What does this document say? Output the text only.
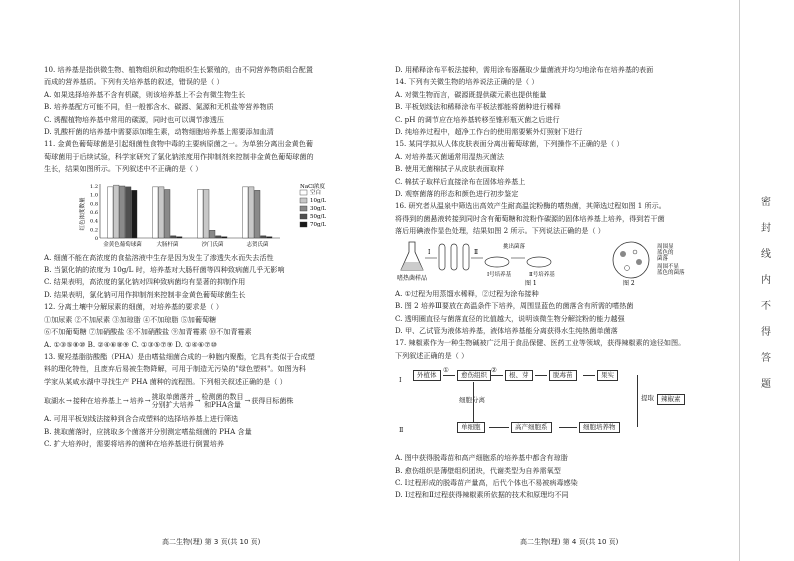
10. 培养基是指供微生物、植物组织和动物组织生长繁殖的，由不同营养物质组合配置

而成的营养基质。下列有关培养基的叙述，错误的是（ ）

A. 如果选择培养基不含有机碳，则该培养基上不会有微生物生长

B. 培养基配方可能不同，但一般都含水、碳源、氮源和无机盐等营养物质

C. 诱醒植物培养基中常用的碳源，同时也可以调节渗透压

D. 乳酸杆菌的培养基中需要添加维生素，动物细胞培养基上需要添加血清

11. 金黄色葡萄球菌是引起细菌性食物中毒的主要病原菌之一。为单独分离出金黄色葡

萄球菌用于后续试验，科学家研究了氯化钠浓度用作抑制剂来控制非金黄色葡萄球菌的

生长，结果如图所示。下列叙述中不正确的是（ ）

红色浓度数量
0
0.2
0.4
0.6
0.8
1.0
1.2
金黄色葡萄球菌	大肠杆菌	沙门氏菌	志贺氏菌
NaCl浓度
空白
10g/L
30g/L
50g/L
70g/L

A. 细菌不能在高浓度的食盐溶液中生存是因为发生了渗透失水而失去活性

B. 当氯化钠的浓度为 10g/L 时，培养基对大肠杆菌等四种致病菌几乎无影响

C. 结果表明，高浓度的氯化钠对四种致病菌均有显著的抑制作用

D. 结果表明，氯化钠可用作抑制剂来控制非金黄色葡萄球菌生长

12. 分离土壤中分解尿素的细菌，对培养基的要求是（ ）

①加尿素 ②不加尿素 ③加琼脂 ④不加琼脂 ⑤加葡萄糖

⑥不加葡萄糖 ⑦加硝酸盐 ⑧不加硝酸盐 ⑨加青霉素 ⑩不加青霉素

A. ①③⑤⑧⑩ B. ②④⑥⑧⑨ C. ①③⑤⑦⑨ D. ①④⑥⑦⑩

13. 聚羟基脂肪酸酯（PHA）是由嗜盐细菌合成的一种胞内聚酯，它具有类似于合成塑

料的理化特性，且废弃后易被生物降解，可用于制造无污染的"绿色塑料"。如图为科

学家从某咸水湖中寻找生产 PHA 菌种的流程图。下列相关叙述正确的是（ ）

取湖水 → 接种在培养基上 → 培养 → 挑取单菌落并
分别扩大培养
→ 检测菌的数目
和PHA含量
→ 获得目标菌株

A. 可用平板划线法接种到含合成塑料的选择培养基上进行筛选

B. 挑取菌落时，应挑取多个菌落并分别测定嗜盐细菌的 PHA 含量

C. 扩大培养时，需要将培养的菌种在培养基进行倒置培养

高二生物(理) 第 3 页(共 10 页)

D. 用稀释涂布平板法接种，需用涂布器蘸取少量菌液并均匀地涂布在培养基的表面

14. 下列有关微生物的培养说法正确的是（ ）

A. 对微生物而言，碳源既提供碳元素也提供能量

B. 平板划线法和稀释涂布平板法都能将菌种进行稀释

C. pH 的调节应在培养基转移至锥形瓶灭菌之后进行

D. 纯培养过程中，超净工作台的使用需要紫外灯照射下进行

15. 某同学拟从人体皮肤表面分离出葡萄球菌，下列操作不正确的是（ ）

A. 对培养基灭菌通常用湿热灭菌法

B. 使用无菌棉拭子从皮肤表面取样

C. 棉拭子取样后直接涂布在固体培养基上

D. 观察菌落的形态和颜色进行初步鉴定

16. 研究者从温泉中筛选出高效产生耐高温淀粉酶的嗜热菌，其筛选过程如图 1 所示。

将得到的菌悬液转接到同时含有葡萄糖和淀粉作碳源的固体培养基上培养，得到若干菌

落后用碘液作显色处理，结果如图 2 所示。下列说法正确的是（ ）

嗜热菌样品
Ⅰ	Ⅱ
Ⅰ号培养基
挑出菌落
Ⅱ号培养基
图 1
周围显
蓝色的
菌落
周围不显
蓝色的菌落
图 2

A. ①过程为用蒸馏水稀释，②过程为涂布接种

B. 图 2 培养Ⅲ要放在高温条件下培养，周围显蓝色的菌落含有所需的嗜热菌

C. 透明圈直径与菌落直径的比值越大，说明该微生物分解淀粉的能力越强

D. 甲、乙试管为液体培养基，液体培养基能分离获得水生纯热菌单菌落

17. 辣椒素作为一种生物碱被广泛用于食品保健、医药工业等领域，获得辣椒素的途径如图。

下列叙述正确的是（ ）

Ⅰ
Ⅱ
外植体
①
愈伤组织
②
根、芽	脱毒苗	果实
细胞分离
单细胞	高产细胞系	细胞培养物
提取	辣椒素

A. 图中获得脱毒苗和高产细胞系的培养基中都含有琼脂

B. 愈伤组织是薄壁组织团块，代谢类型为自养需氧型

C. Ⅰ过程形成的脱毒苗产量高，后代个体也不易被病毒感染

D. Ⅰ过程和Ⅱ过程获得辣椒素所依据的技术和原理均不同

高二生物(理) 第 4 页(共 10 页)
密
封
线
内
不
得
答
题
